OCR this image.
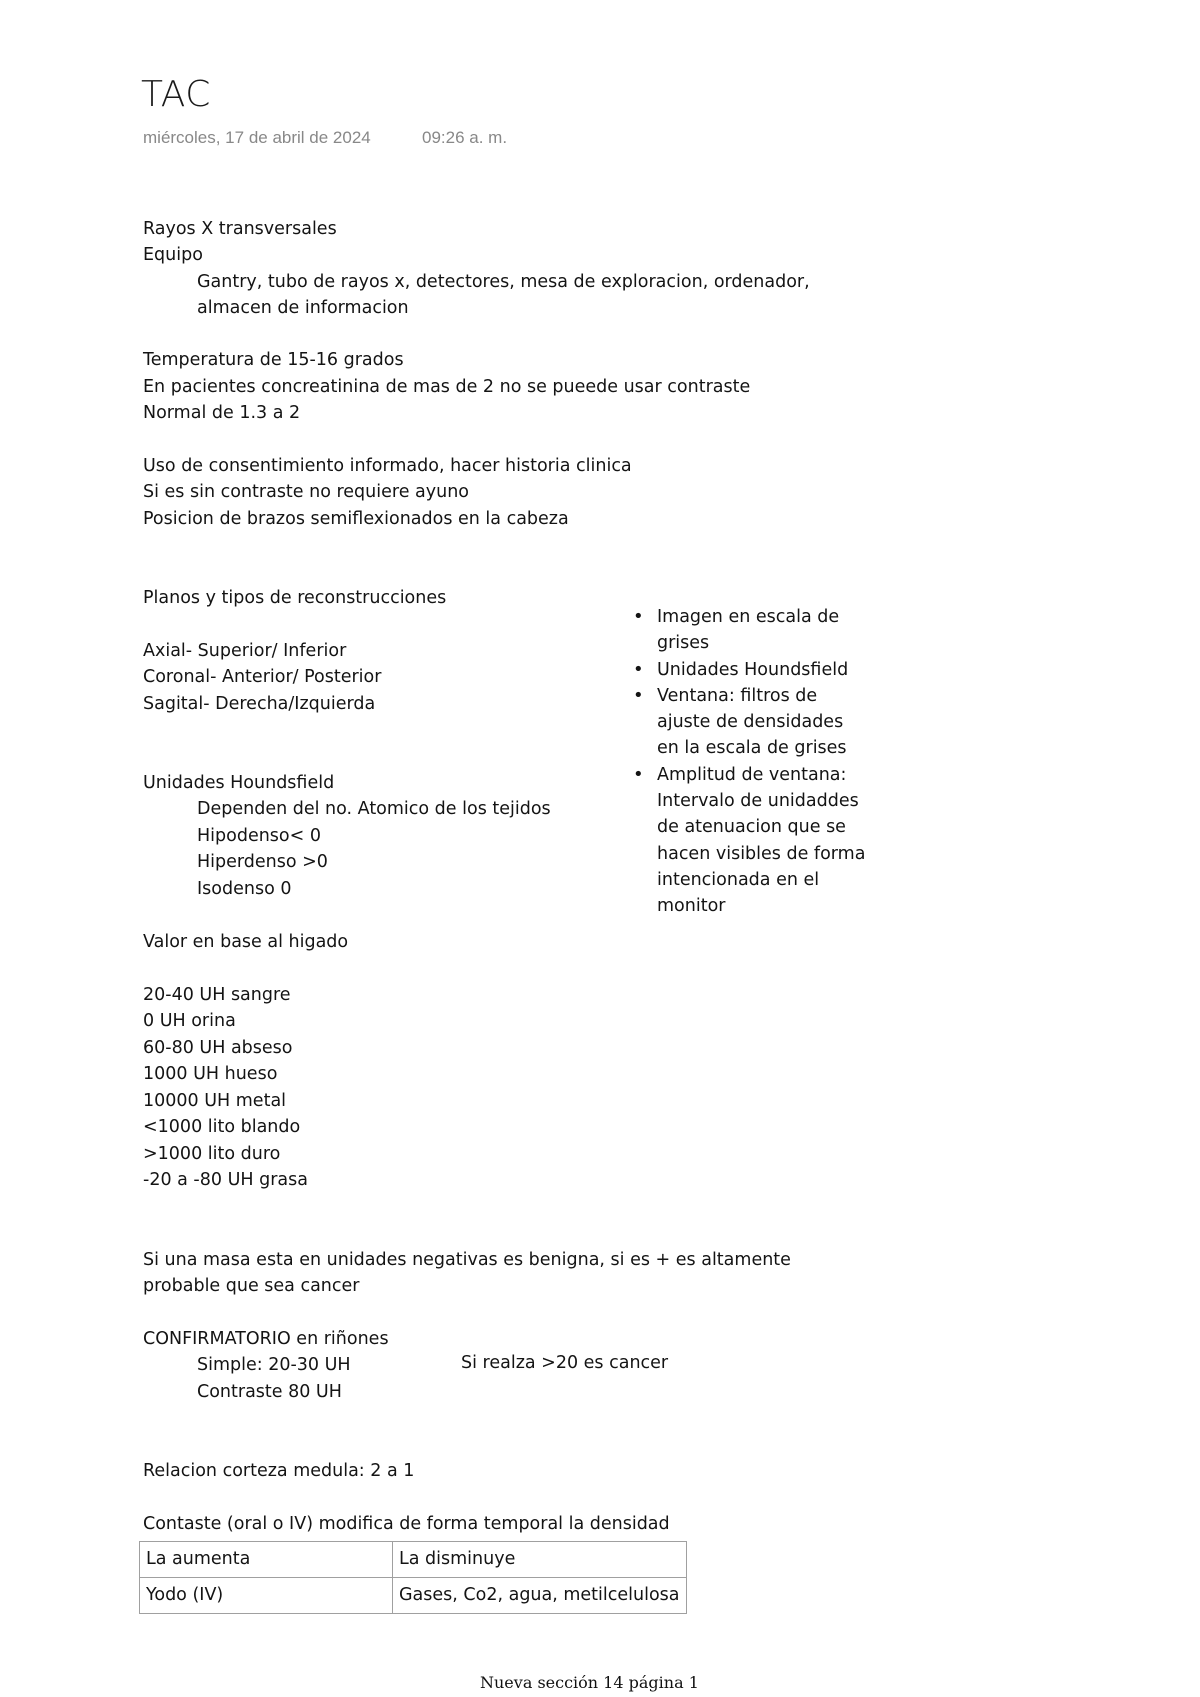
TAC
miércoles, 17 de abril de 2024	09:26 a. m.
Rayos X transversales
Equipo
Gantry, tubo de rayos x, detectores, mesa de exploracion, ordenador,
almacen de informacion
Temperatura de 15-16 grados
En pacientes concreatinina de mas de 2 no se pueede usar contraste
Normal de 1.3 a 2
Uso de consentimiento informado, hacer historia clinica
Si es sin contraste no requiere ayuno
Posicion de brazos semiflexionados en la cabeza
Planos y tipos de reconstrucciones
Axial- Superior/ Inferior
Coronal- Anterior/ Posterior
Sagital- Derecha/Izquierda
Unidades Houndsfield
Dependen del no. Atomico de los tejidos
Hipodenso< 0
Hiperdenso >0
Isodenso 0
Valor en base al higado
20-40 UH sangre
0 UH orina
60-80 UH abseso
1000 UH hueso
10000 UH metal
<1000 lito blando
>1000 lito duro
-20 a -80 UH grasa
Si una masa esta en unidades negativas es benigna, si es + es altamente
probable que sea cancer
CONFIRMATORIO en riñones
Simple: 20-30 UH	Si realza >20 es cancer
Contraste 80 UH
Relacion corteza medula: 2 a 1
Contaste (oral o IV) modifica de forma temporal la densidad
• Imagen en escala de grises
• Unidades Houndsfield
• Ventana: filtros de ajuste de densidades en la escala de grises
• Amplitud de ventana: Intervalo de unidaddes de atenuacion que se hacen visibles de forma intencionada en el monitor
La aumenta	La disminuye
Yodo (IV)	Gases, Co2, agua, metilcelulosa
Nueva sección 14 página 1
